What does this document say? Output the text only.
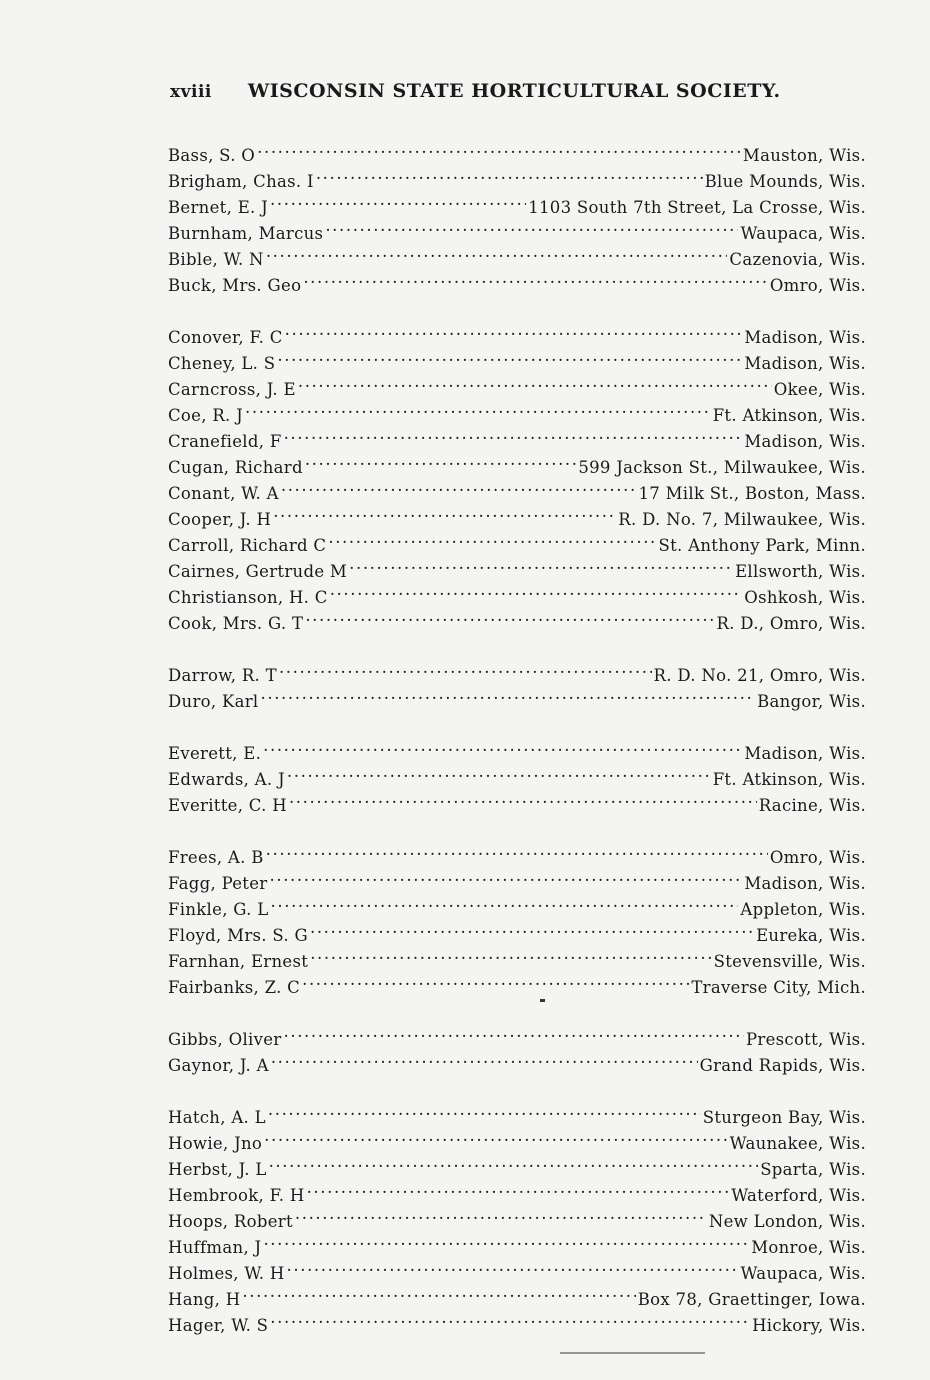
xviii WISCONSIN STATE HORTICULTURAL SOCIETY.
Bass, S. O .....	Mauston, Wis.
Brigham, Chas. I .....	Blue Mounds, Wis.
Bernet, E. J .....	1103 South 7th Street, La Crosse, Wis.
Burnham, Marcus .....	Waupaca, Wis.
Bible, W. N .....	Cazenovia, Wis.
Buck, Mrs. Geo .....	Omro, Wis.
Conover, F. C .....	Madison, Wis.
Cheney, L. S .....	Madison, Wis.
Carncross, J. E .....	Okee, Wis.
Coe, R. J .....	Ft. Atkinson, Wis.
Cranefield, F .....	Madison, Wis.
Cugan, Richard .....	599 Jackson St., Milwaukee, Wis.
Conant, W. A .....	17 Milk St., Boston, Mass.
Cooper, J. H .....	R. D. No. 7, Milwaukee, Wis.
Carroll, Richard C .....	St. Anthony Park, Minn.
Cairnes, Gertrude M .....	Ellsworth, Wis.
Christianson, H. C .....	Oshkosh, Wis.
Cook, Mrs. G. T .....	R. D., Omro, Wis.
Darrow, R. T .....	R. D. No. 21, Omro, Wis.
Duro, Karl .....	Bangor, Wis.
Everett, E. .....	Madison, Wis.
Edwards, A. J .....	Ft. Atkinson, Wis.
Everitte, C. H .....	Racine, Wis.
Frees, A. B .....	Omro, Wis.
Fagg, Peter .....	Madison, Wis.
Finkle, G. L .....	Appleton, Wis.
Floyd, Mrs. S. G .....	Eureka, Wis.
Farnhan, Ernest .....	Stevensville, Wis.
Fairbanks, Z. C .....	Traverse City, Mich.
Gibbs, Oliver .....	Prescott, Wis.
Gaynor, J. A .....	Grand Rapids, Wis.
Hatch, A. L .....	Sturgeon Bay, Wis.
Howie, Jno .....	Waunakee, Wis.
Herbst, J. L .....	Sparta, Wis.
Hembrook, F. H .....	Waterford, Wis.
Hoops, Robert .....	New London, Wis.
Huffman, J .....	Monroe, Wis.
Holmes, W. H .....	Waupaca, Wis.
Hang, H .....	Box 78, Graettinger, Iowa.
Hager, W. S .....	Hickory, Wis.
